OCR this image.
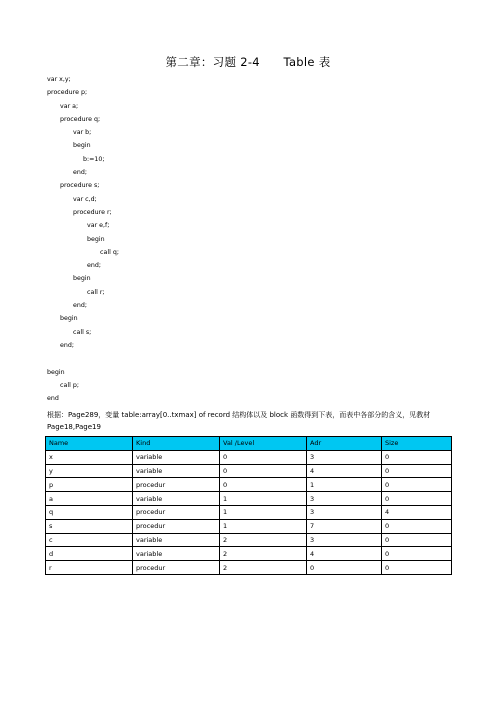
第二章：习题 2-4　　Table 表
var x,y;
procedure p;
var a;
procedure q;
var b;
begin
b:=10;
end;
procedure s;
var c,d;
procedure r;
var e,f;
begin
call q;
end;
begin
call r;
end;
begin
call s;
end;
begin
call p;
end
根据：Page289，变量 table:array[0..txmax] of record 结构体以及 block 函数得到下表，而表中各部分的含义，见教材 Page18,Page19
Name	Kind	Val /Level	Adr	Size
x	variable	0	3	0
y	variable	0	4	0
p	procedur	0	1	0
a	variable	1	3	0
q	procedur	1	3	4
s	procedur	1	7	0
c	variable	2	3	0
d	variable	2	4	0
r	procedur	2	0	0
